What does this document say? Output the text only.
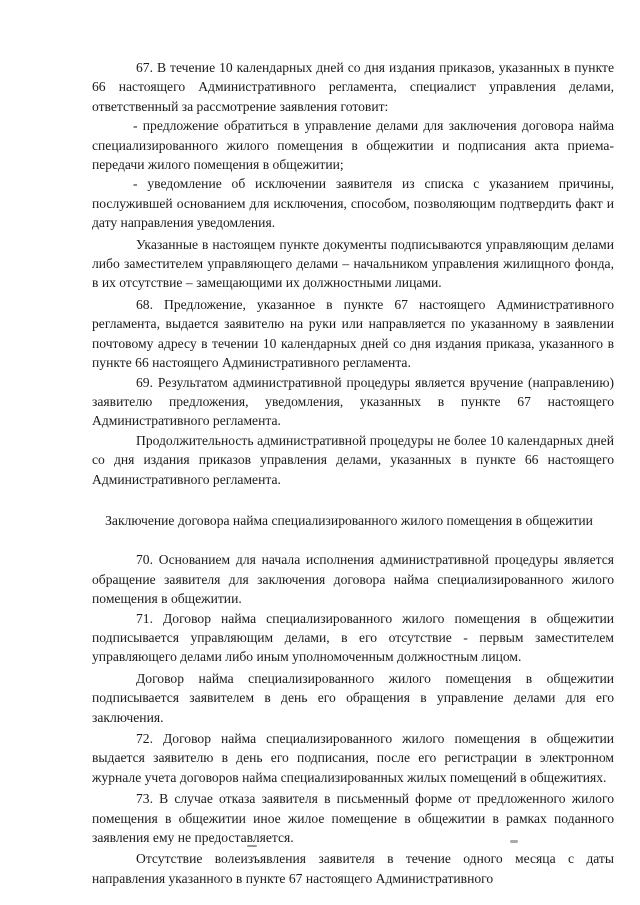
67. В течение 10 календарных дней со дня издания приказов, указанных в пункте 66 настоящего Административного регламента, специалист управления делами, ответственный за рассмотрение заявления готовит:

- предложение обратиться в управление делами для заключения договора найма специализированного жилого помещения в общежитии и подписания акта приема-передачи жилого помещения в общежитии;

- уведомление об исключении заявителя из списка с указанием причины, послужившей основанием для исключения, способом, позволяющим подтвердить факт и дату направления уведомления.

Указанные в настоящем пункте документы подписываются управляющим делами либо заместителем управляющего делами – начальником управления жилищного фонда, в их отсутствие – замещающими их должностными лицами.

68. Предложение, указанное в пункте 67 настоящего Административного регламента, выдается заявителю на руки или направляется по указанному в заявлении почтовому адресу в течении 10 календарных дней со дня издания приказа, указанного в пункте 66 настоящего Административного регламента.

69. Результатом административной процедуры является вручение (направлению) заявителю предложения, уведомления, указанных в пункте 67 настоящего Административного регламента.

Продолжительность административной процедуры не более 10 календарных дней со дня издания приказов управления делами, указанных в пункте 66 настоящего Административного регламента.

Заключение договора найма специализированного жилого помещения в общежитии

70. Основанием для начала исполнения административной процедуры является обращение заявителя для заключения договора найма специализированного жилого помещения в общежитии.

71. Договор найма специализированного жилого помещения в общежитии подписывается управляющим делами, в его отсутствие - первым заместителем управляющего делами либо иным уполномоченным должностным лицом.

Договор найма специализированного жилого помещения в общежитии подписывается заявителем в день его обращения в управление делами для его заключения.

72. Договор найма специализированного жилого помещения в общежитии выдается заявителю в день его подписания, после его регистрации в электронном журнале учета договоров найма специализированных жилых помещений в общежитиях.

73. В случае отказа заявителя в письменный форме от предложенного жилого помещения в общежитии иное жилое помещение в общежитии в рамках поданного заявления ему не предоставляется.

Отсутствие волеизъявления заявителя в течение одного месяца с даты направления указанного в пункте 67 настоящего Административного
